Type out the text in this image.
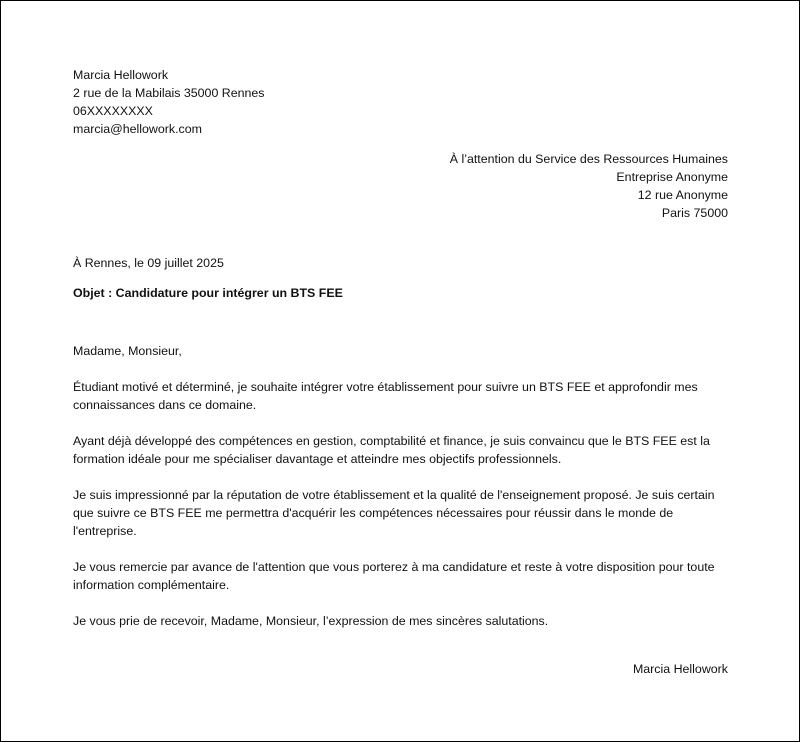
Marcia Hellowork
2 rue de la Mabilais 35000 Rennes
06XXXXXXXX
marcia@hellowork.com
À l’attention du Service des Ressources Humaines
Entreprise Anonyme
12 rue Anonyme
Paris 75000
À Rennes, le 09 juillet 2025
Objet : Candidature pour intégrer un BTS FEE

Madame, Monsieur,

Étudiant motivé et déterminé, je souhaite intégrer votre établissement pour suivre un BTS FEE et approfondir mes connaissances dans ce domaine.

Ayant déjà développé des compétences en gestion, comptabilité et finance, je suis convaincu que le BTS FEE est la formation idéale pour me spécialiser davantage et atteindre mes objectifs professionnels.

Je suis impressionné par la réputation de votre établissement et la qualité de l'enseignement proposé. Je suis certain que suivre ce BTS FEE me permettra d'acquérir les compétences nécessaires pour réussir dans le monde de l'entreprise.

Je vous remercie par avance de l'attention que vous porterez à ma candidature et reste à votre disposition pour toute information complémentaire.

Je vous prie de recevoir, Madame, Monsieur, l’expression de mes sincères salutations.

Marcia Hellowork
